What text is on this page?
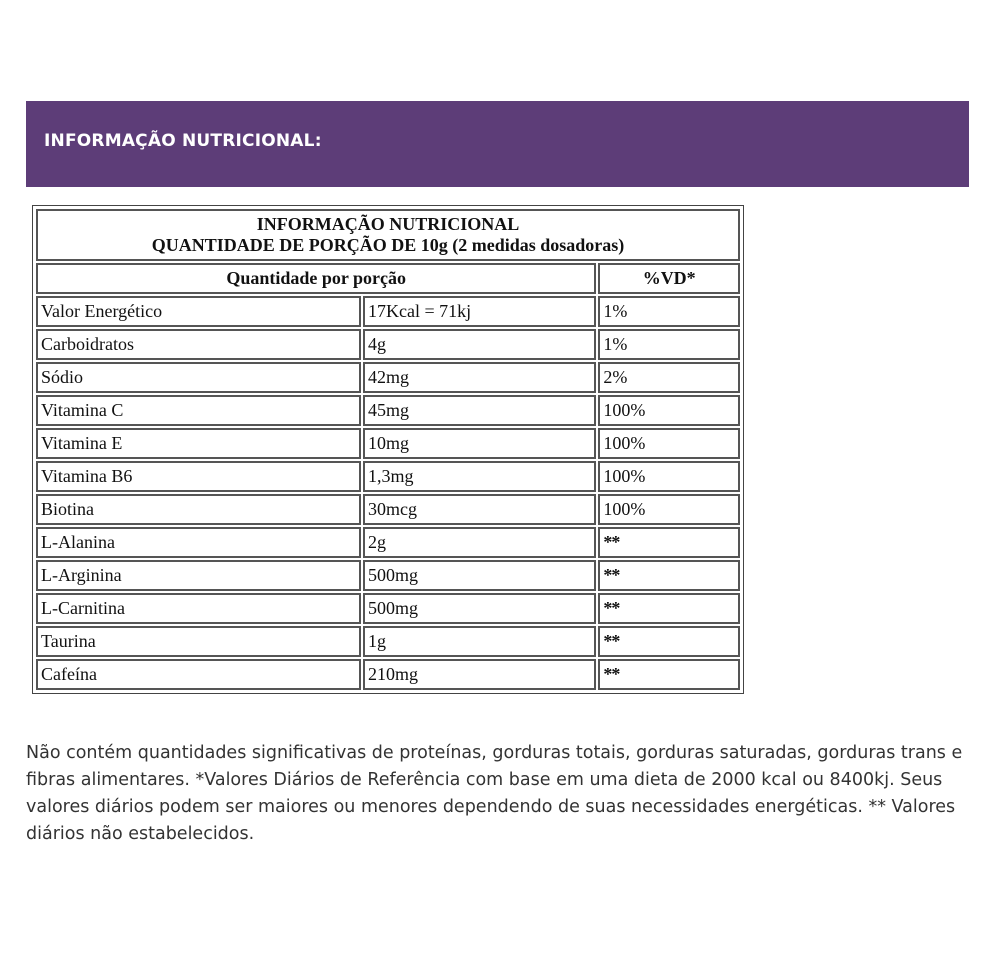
INFORMAÇÃO NUTRICIONAL:
INFORMAÇÃO NUTRICIONAL
QUANTIDADE DE PORÇÃO DE 10g (2 medidas dosadoras)		

Quantidade por porção		%VD*
Valor Energético	17Kcal = 71kj	1%
Carboidratos	4g	1%
Sódio	42mg	2%
Vitamina C	45mg	100%
Vitamina E	10mg	100%
Vitamina B6	1,3mg	100%
Biotina	30mcg	100%
L-Alanina	2g	**
L-Arginina	500mg	**
L-Carnitina	500mg	**
Taurina	1g	**
Cafeína	210mg	**

Não contém quantidades significativas de proteínas, gorduras totais, gorduras saturadas, gorduras trans e fibras alimentares. *Valores Diários de Referência com base em uma dieta de 2000 kcal ou 8400kj. Seus valores diários podem ser maiores ou menores dependendo de suas necessidades energéticas. ** Valores diários não estabelecidos.
